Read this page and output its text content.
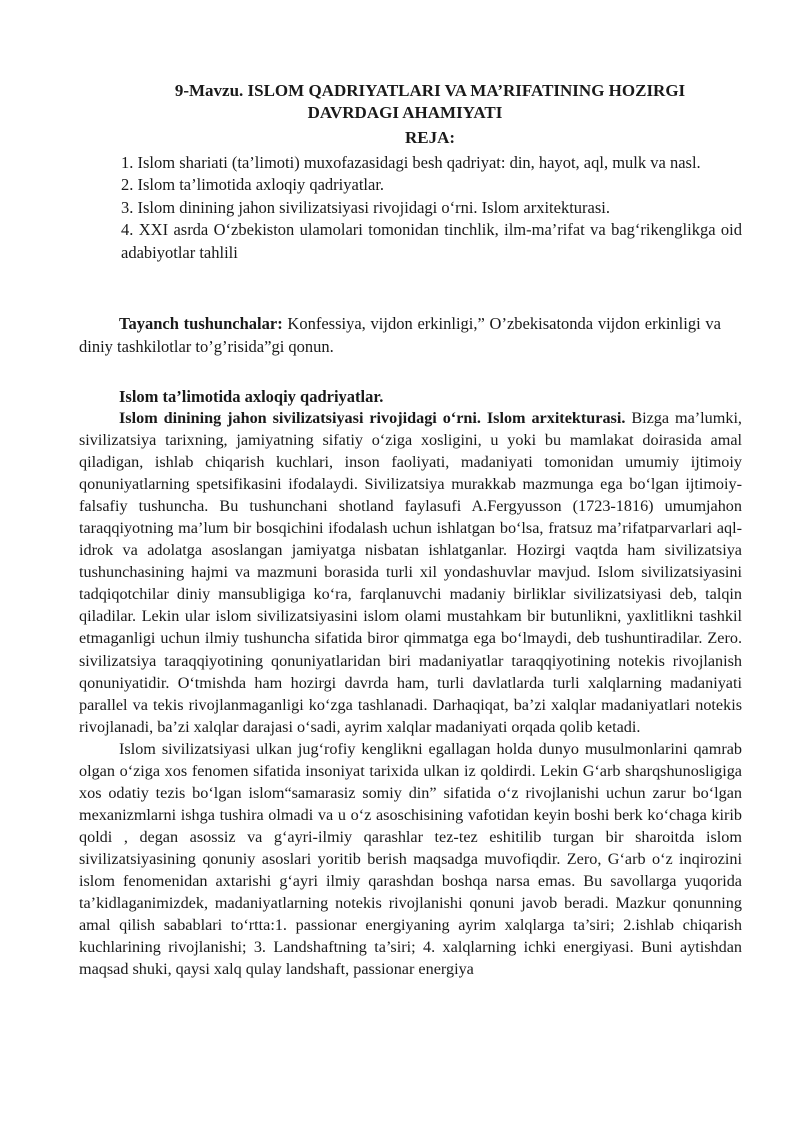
9-Mavzu. ISLOM QADRIYATLARI VA MA’RIFATINING HOZIRGI
DAVRDAGI AHAMIYATI
REJA:

1. Islom shariati (ta’limoti) muxofazasidagi besh qadriyat: din, hayot, aql, mulk va nasl.

2. Islom ta’limotida axloqiy qadriyatlar.

3. Islom dinining jahon sivilizatsiyasi rivojidagi o‘rni. Islom arxitekturasi.

4. XXI asrda O‘zbekiston ulamolari tomonidan tinchlik, ilm-ma’rifat va bag‘rikenglikga oid adabiyotlar tahlili

Tayanch tushunchalar: Konfessiya, vijdon erkinligi,” O’zbekisatonda vijdon erkinligi va diniy tashkilotlar to’g’risida”gi qonun.
Islom ta’limotida axloqiy qadriyatlar.

Islom dinining jahon sivilizatsiyasi rivojidagi o‘rni. Islom arxitekturasi. Bizga ma’lumki, sivilizatsiya tarixning, jamiyatning sifatiy o‘ziga xosligini, u yoki bu mamlakat doirasida amal qiladigan, ishlab chiqarish kuchlari, inson faoliyati, madaniyati tomonidan umumiy ijtimoiy qonuniyatlarning spetsifikasini ifodalaydi. Sivilizatsiya murakkab mazmunga ega bo‘lgan ijtimoiy-falsafiy tushuncha. Bu tushunchani shotland faylasufi A.Fergyusson (1723-1816) umumjahon taraqqiyotning ma’lum bir bosqichini ifodalash uchun ishlatgan bo‘lsa, fratsuz ma’rifatparvarlari aql-idrok va adolatga asoslangan jamiyatga nisbatan ishlatganlar. Hozirgi vaqtda ham sivilizatsiya tushunchasining hajmi va mazmuni borasida turli xil yondashuvlar mavjud. Islom sivilizatsiyasini tadqiqotchilar diniy mansubligiga ko‘ra, farqlanuvchi madaniy birliklar sivilizatsiyasi deb, talqin qiladilar. Lekin ular islom sivilizatsiyasini islom olami mustahkam bir butunlikni, yaxlitlikni tashkil etmaganligi uchun ilmiy tushuncha sifatida biror qimmatga ega bo‘lmaydi, deb tushuntiradilar. Zero. sivilizatsiya taraqqiyotining qonuniyatlaridan biri madaniyatlar taraqqiyotining notekis rivojlanish qonuniyatidir. O‘tmishda ham hozirgi davrda ham, turli davlatlarda turli xalqlarning madaniyati parallel va tekis rivojlanmaganligi ko‘zga tashlanadi. Darhaqiqat, ba’zi xalqlar madaniyatlari notekis rivojlanadi, ba’zi xalqlar darajasi o‘sadi, ayrim xalqlar madaniyati orqada qolib ketadi.

Islom sivilizatsiyasi ulkan jug‘rofiy kenglikni egallagan holda dunyo musulmonlarini qamrab olgan o‘ziga xos fenomen sifatida insoniyat tarixida ulkan iz qoldirdi. Lekin G‘arb sharqshunosligiga xos odatiy tezis bo‘lgan islom“samarasiz somiy din” sifatida o‘z rivojlanishi uchun zarur bo‘lgan mexanizmlarni ishga tushira olmadi va u o‘z asoschisining vafotidan keyin boshi berk ko‘chaga kirib qoldi , degan asossiz va g‘ayri-ilmiy qarashlar tez-tez eshitilib turgan bir sharoitda islom sivilizatsiyasining qonuniy asoslari yoritib berish maqsadga muvofiqdir. Zero, G‘arb o‘z inqirozini islom fenomenidan axtarishi g‘ayri ilmiy qarashdan boshqa narsa emas. Bu savollarga yuqorida ta’kidlaganimizdek, madaniyatlarning notekis rivojlanishi qonuni javob beradi. Mazkur qonunning amal qilish sabablari to‘rtta:1. passionar energiyaning ayrim xalqlarga ta’siri; 2.ishlab chiqarish kuchlarining rivojlanishi; 3. Landshaftning ta’siri; 4. xalqlarning ichki energiyasi. Buni aytishdan maqsad shuki, qaysi xalq qulay landshaft, passionar energiya
